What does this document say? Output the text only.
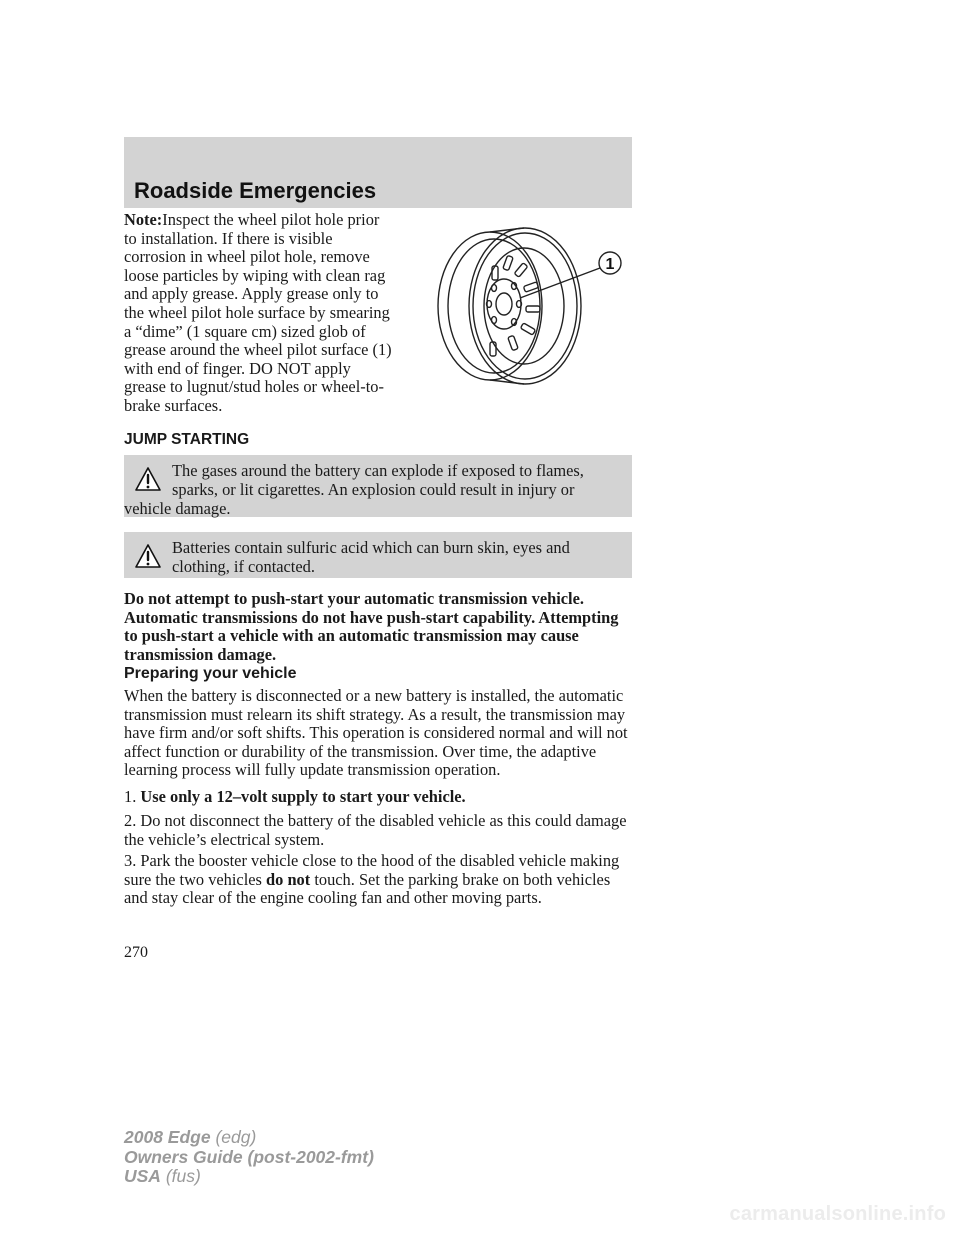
Roadside Emergencies
Note:Inspect the wheel pilot hole prior to installation. If there is visible corrosion in wheel pilot hole, remove loose particles by wiping with clean rag and apply grease. Apply grease only to the wheel pilot hole surface by smearing a “dime” (1 square cm) sized glob of grease around the wheel pilot surface (1) with end of finger. DO NOT apply grease to lugnut/stud holes or wheel-to-brake surfaces.
1
JUMP STARTING
The gases around the battery can explode if exposed to flames, sparks, or lit cigarettes. An explosion could result in injury or vehicle damage.
Batteries contain sulfuric acid which can burn skin, eyes and clothing, if contacted.
Do not attempt to push-start your automatic transmission vehicle. Automatic transmissions do not have push-start capability. Attempting to push-start a vehicle with an automatic transmission may cause transmission damage.
Preparing your vehicle
When the battery is disconnected or a new battery is installed, the automatic transmission must relearn its shift strategy. As a result, the transmission may have firm and/or soft shifts. This operation is considered normal and will not affect function or durability of the transmission. Over time, the adaptive learning process will fully update transmission operation.
1. Use only a 12–volt supply to start your vehicle.
2. Do not disconnect the battery of the disabled vehicle as this could damage the vehicle’s electrical system.
3. Park the booster vehicle close to the hood of the disabled vehicle making sure the two vehicles do not touch. Set the parking brake on both vehicles and stay clear of the engine cooling fan and other moving parts.
270
2008 Edge (edg)
Owners Guide (post-2002-fmt)
USA (fus)
carmanualsonline.info
